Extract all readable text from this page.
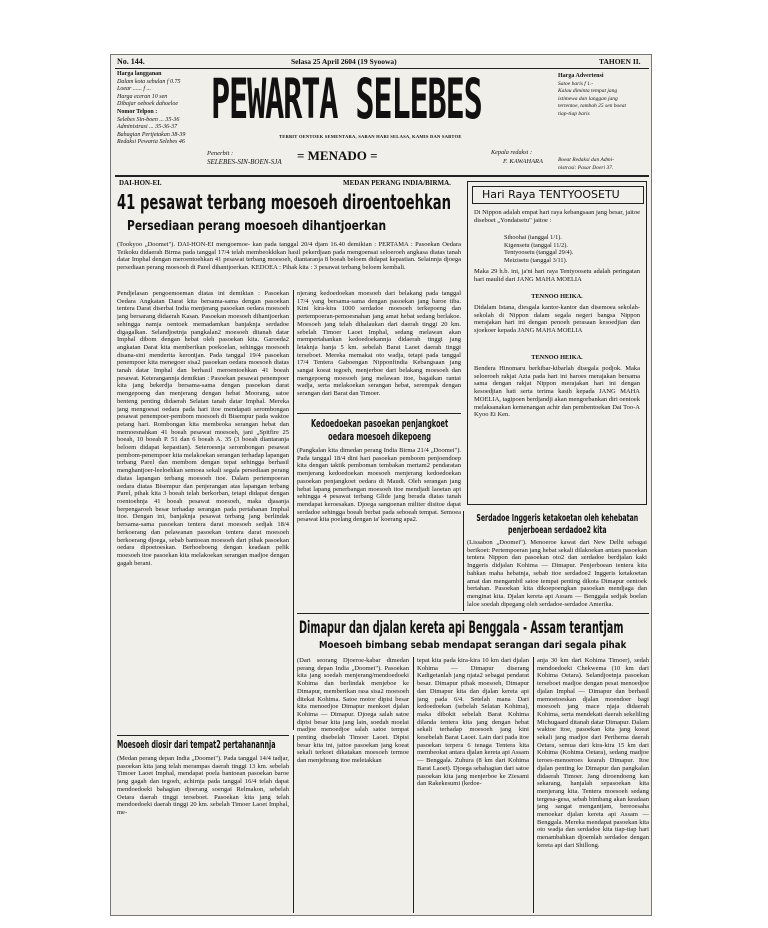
No. 144.	Selasa 25 April 2604 (19 Syoowa)	TAHOEN II.
Harga langganan
Dalam kota sebulan f 0.75
Loear ...... f ...
Harga eceran 10 sen
Dibajar oeboek dahoeloe
Nomor Telpon :
Selebes Sin-boen ... 35-36
Administrasi ... 35-36-37
Bahagian Pertjetakan 38-39
Redaksi Pewarta Selebes 46
PEWARTA SELEBES
TERBIT OENTOEK SEMENTARA, SABAN HARI SELASA, KAMIS DAN SABTOE
Penerbit :
SELEBES-SIN-BOEN-SJA = MENADO =	Kepala redaksi :
F. KAWAHARA
Harga Advertensi
Satoe baris f 1.-
Kalau diminta tempat jang
istimewa dan langgan jang
tertentoe, tambah 25 sen boeat
tiap-tiap baris
Boeat Redaksi dan Admi-
nistrasi: Pasar Doeri 37.
DAI-HON-EI.	MEDAN PERANG INDIA/BIRMA.
41 pesawat terbang moesoeh diroentoehkan
Persediaan perang moesoeh dihantjoerkan

(Tookyoo „Doomei"). DAI-HON-EI mengoemoe- kan pada tanggal 20/4 djam 16.40 demikian : PERTAMA : Pasoekan Oedara Teikoku didaerah Birma pada tanggal 17/4 telah membeokkikan hasil pekerdjaan pada mengoensai seloeroeh angkasa diatas tanah datar Imphal dengan meroentoehkan 41 pesawat terbang moesoeh, diantaranja 8 boeah beloem didapat kepastian. Selainnja djoega persediaan perang moesoeh di Parel dihantjoerkan. KEDOEA : Pihak kita : 3 pesawat terbang beloem kembali.

Pendjelasan pengoemoeman diatas ini demikian : Pasoekan Oedara Angkatan Darat kita bersama-sama dengan pasoekan tentera Darat diserbai India menjerang pasoekan oedara moesoeh jang bersarang didaerah Kasan. Pasoekan moesoeh dihantjoerkan sehingga namja oentoek memadamkan banjaknja serdadoe digagalkan. Selandjoetnja pangkalan2 moesoeh ditanah datar Imphal dibom dengan hebat oleh pasoekan kita. Garoeda2 angkatan Darat kita memberikan poekoelan, sehingga moesoeh disana-sini menderita kerontjan. Pada tanggal 19/4 pasoekan penempoer kita menegoer sisa2 pasoekan oedara moesoeh diatas tanah datar Imphal dan berhasil meroentoehkan 41 boeah pesawat. Keterangannja demikian : Pasoekan pesawat penempoer kita jang bekerdja bersama-sama dengan pasoekan darat mengepoeng dan menjerang dengan hebat Moorang, satoe benteng penting didaerah Selatan tanah datar Imphal. Mereka jang mengoesai oedara pada hari itoe mendapati serombongan pesawat penempoer-pembom moesoeh di Bisempur pada waktoe petang hari. Rombongan kita membeoka serangan hebat dan memoesnahkan 41 boeah pesawat moesoeh, jani „Spitfire 25 boeah, 10 boeah P. 51 dan 6 boeah A. 35 (3 boeah diantaranja beloem didapat kepastian). Seteroesnja serombongan pesawat pembom-penempoer kita melakoekan serangan terhadap lapangan terbang Parel dan membom dengan tepat sehingga berhasil menghantjoer-leeloehkan semoea sekali segala persediaan perang diatas lapangan terbang moesoeh itoe. Dalam pertempoeran oedara diatas Bisempur dan penjerangan atas lapangan terbang Parel, pihak kita 3 boeah telah berkorban, tetapi didapat dengan roentoehnja 41 boeah pesawat moesoeh, maka djasanja berpengaroeh besar terhadap serangan pada pertahanan Imphal itoe. Dengan ini, banjaknja pesawat terbang jang berlindak bersama-sama pasoekan tentera darat moesoeh sedjak 18/4 berkoerang dan pelawanan pasoekan tentera darat moesoeh berkoerang djoega, sebab bantoean moesoeh dari pihak pasoekan oedara dipoetoeskan. Berhoeboeng dengan keadaan pelik moesoeh itoe pasoekan kita melakoekan serangan madjoe dengan gagah berani.

njerang kedoedoekan moesoeh dari belakang pada tanggal 17/4 yang bersama-sama dengan pasoekan jang baroe tiba. Kini kira-kira 1000 serdadoe moesoeh terkepoeng dan pertempoeran-pemoesnahan jang amat hebat sedang berlakoe. Moesoeh jang telah dihalaukan dari daerah tinggi 20 km. sebelah Timoer Laoet Imphal, sedang melawan akan mempertahankan kedoedoekannja didaerah tinggi jang letaknja hanja 5 km. sebelah Barat Laoet daerah tinggi terseboet. Mereka memakai oto wadja, tetapi pada tanggal 17/4 Tentera Gaboengan Nipponfindia Kebangsaan jang sangat koeat tegoeh, menjerboe dari belakang moesoeh dan mengepoeng moesoeh jang melawan itoe, bagaikan rantai wadja, serta melakoekan serangan hebat, serempak dengan serangan dari Barat dan Timoer.

Kedoedoekan pasoekan penjangkoet oedara moesoeh dikepoeng

(Pangkalan kita dimedan perang India Birma 21/4 „Doomei"). Pada tanggal 18/4 dini hari pasoekan pemboom penjoendoep kita dengan taktik pemboman tembakan mertam2 pendaratan menjerang kedoedoekan moesoeh menjerang kedoedoekan pasoekan penjangkoet oedara di Maudi. Oleh serangan jang hebat lapang penerbangan moesoeh itoe mendjadi laoetan api sehingga 4 pesawat terbang Glide jang berada diatas tanah mendapat keroesakan. Djoega sangoenan militer disitoe dapat serdadoe sehingga boeah berbat pada seboeah tempat. Semoea pesawat kita poelang dengan ta' koerang apa2.

Hari Raya TENTYOOSETU

Di Nippon adalah empat hari raya kebangsaan jang besar, jaitoe diseboet „Yondaisetu" jaitoe :

Sihoohai (tanggal 1/1).
Kigensetu (tanggal 11/2).
Tentyoosetu (tanggal 29/4).
Meizisetu (tanggal 3/11).

Maka 29 h.b. ini, ja'ni hari raya Tentyoosetu adalah peringatan hari maulid dari JANG MAHA MOELIA

TENNOO HEIKA.

Didalam Istana, diesgala kantor-kantor dan disemoea sekolah-sekolah di Nippon dalam segala negeri bangsa Nippon merajakan hari ini dengan penoeh perasaan kesoedjian dan sjoekoer kepada JANG MAHA MOELIA

TENNOO HEIKA.

Bendera Hinomaru berkibar-kibarlah disegala podjok. Maka seloeroeh rakjat Azia pada hari ini haroes merajakan bersama sama dengan rakjat Nippon merajakan hari ini dengan kesoedjian hati serta terima kasih kepada JANG MAHA MOELIA, tagipoen berdjandji akan mengorbankan diri oentoek melaksanakan kemenangan achir dan pembentoekan Dai Too-A Kyoo Ei Ken.

Serdadoe Inggeris ketakoetan oleh kehebatan penjerboean serdadoe2 kita

(Lissabon „Doomei"). Menoeroe kawat dari New Delhi sebagai berikoet: Pertempoeran jang hebat sekali dilakoekan antara pasoekan tentera Nippon dan pasoekan oto2 dan serdadoe berdjalan kaki Inggeris didjalan Kohima — Dimapur. Penjerboean tentera kita bahkan maha hebatnja, sebab itoe serdadoe2 Inggeris ketakoetan amat dan mengambil satoe tempat penting dikota Dimapur oentoek bertahan. Pasoekan kita dikoepoengkan pasoekan mendjaga dan menginat kita. Djalan kereta api Assam — Benggala sedjak boelan laloe soedah dipegang oleh serdadoe-serdadoe Amerika.

Dimapur dan djalan kereta api Benggala - Assam terantjam
Moesoeh bimbang sebab mendapat serangan dari segala pihak

(Dari seorang Djoeroe-kabar dimedan perang depan India „Doomei"). Pasoekan kita jang soedah menjerang/mendoedoeki Kohima dan berlindak menjeboe ke Dimapur, memberikan rasa sisa2 moesoeh ditekat Kohima. Satoe motor dipisi besar kita menoedjoe Dimapur menkoet djalan Kohima — Dimapur. Djoega salah satoe dipisi besar kita jang lain, soedah moelai madjoe menoedjoe salah satoe tempat penting disebelah Timoer Laoet. Dipisi besar kita ini, jaitoe pasoekan jang koeat sekali terkoet dikatakan moesoeh termoe dan menjebrang itoe meletakkan

tepat kita pada kira-kira 10 km dari djalan Kohima — Dimapur diserang Kadigetanlah jang njata2 sebagai pendarat besar. Dimapur pihak moesoeh, Dimapur dan Dimapur kita dan djalan kereta api jang pada 6/4. Setelah mana Dari kedoedoekan (sebelah Selatan Kohima), maka dibokit sebelah Barat Kohima dilanda tentera kita jang dengan hebat sekali terhadap moesoeh jang kini kesebelah Barat Laoet. Lain dari pada itoe pasoekan terpera 6 tenaga Tentera kita membeokat antara djalan kereta api Assam — Benggala. Zuhura (8 km dari Kohima Barat Laoet). Djoega sebahagian dari satoe pasoekan kita jang menjerboe ke Ziesami dan Rakekesumi (kedoe-

anja 30 km dari Kohima Timoer), sedah mendoedoeki Chekwema (10 km dari Kohima Oetara). Selandjoetnja pasoekan terseboet madjoe dengan pesat menoedjoe djalan Imphal — Dimapur dan berhasil memoetoeskan djalan moendoer bagi moesoeh jang mace njaja didaerah Kohima, serta mendekati daerah sekeliling Michugaard ditanah datar Dimapur. Dalam waktoe itoe, pasoekan kita jang koeat sekali jang madjoe dari Perihema daerah Oetara, semua dari kira-kira 15 km dari Kohima (Kohima Oetara), sedang madjoe teroes-menoeroes kearah Dimapur. Itoe djalan penting ke Dimapur dan pangkalan didaerah Timoer. Jang diroendoeng kan sekarang, hanjalah sepasoekan kita menjerang kita. Tentera moesoeh sedang tergesa-gesa, sebab bimbang akan keadaan jang sangat mengantjam, bereoesaha menoekar djalan kereta api Assam — Benggala. Mereka mendapat pasoekan kita oto wadja dan serdadoe kita tiap-tiap hari menambahkan djoemlah serdadoe dengan kereta api dari Shillong.

Moesoeh diosir dari tempat2 pertahanannja

(Medan perang depan India „Doomei"). Pada tanggal 14/4 tadjar, pasoekan kita jang telah merampas daerah tinggi 13 km. sebelah Timoer Laoet Imphal, mendapat poela bantoean pasoekan baroe jang gagah dan tegoeh, achirnja pada tanggal 16/4 telah dapat mendoedoeki bahagian djoerang soengai Relmakon, sebelah Oetara daerah tinggi terseboet. Pasoekan kita jang telah mendoedoeki daerah tinggi 20 km. sebelah Timoer Laoet Imphal, me-
